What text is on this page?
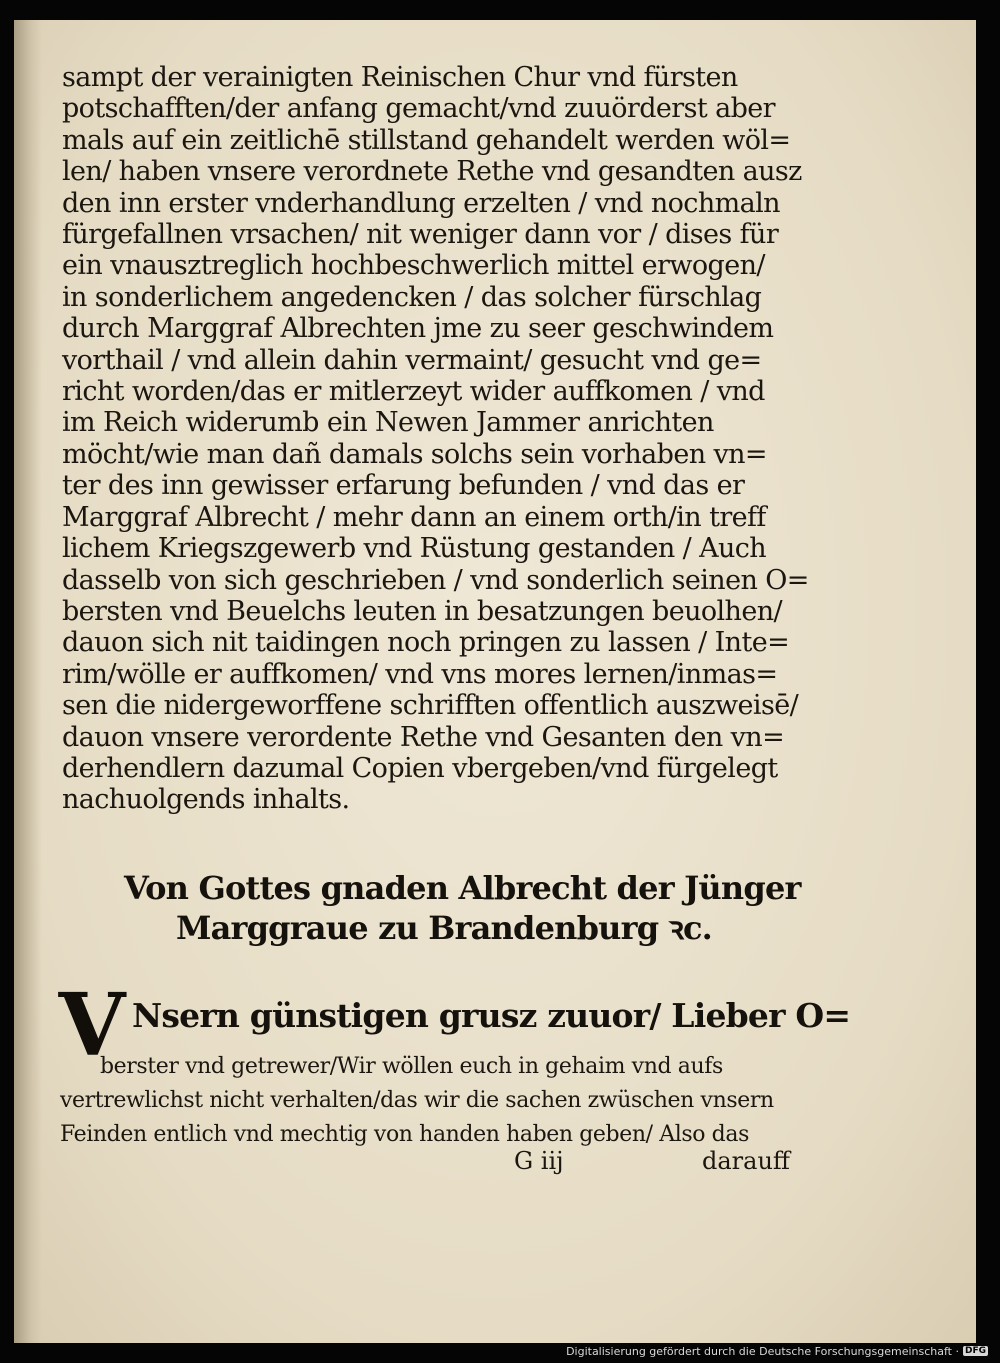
sampt der verainigten Reinischen Chur vnd fürsten
potschafften/der anfang gemacht/vnd zuuörderst aber
mals auf ein zeitlichē stillstand gehandelt werden wöl=
len/ haben vnsere verordnete Rethe vnd gesandten ausz
den inn erster vnderhandlung erzelten / vnd nochmaln
fürgefallnen vrsachen/ nit weniger dann vor / dises für
ein vnausztreglich hochbeschwerlich mittel erwogen/
in sonderlichem angedencken / das solcher fürschlag
durch Marggraf Albrechten jme zu seer geschwindem
vorthail / vnd allein dahin vermaint/ gesucht vnd ge=
richt worden/das er mitlerzeyt wider auffkomen / vnd
im Reich widerumb ein Newen Jammer anrichten
möcht/wie man dañ damals solchs sein vorhaben vn=
ter des inn gewisser erfarung befunden / vnd das er
Marggraf Albrecht / mehr dann an einem orth/in treff
lichem Kriegszgewerb vnd Rüstung gestanden / Auch
dasselb von sich geschrieben / vnd sonderlich seinen O=
bersten vnd Beuelchs leuten in besatzungen beuolhen/
dauon sich nit taidingen noch pringen zu lassen / Inte=
rim/wölle er auffkomen/ vnd vns mores lernen/inmas=
sen die nidergeworffene schrifften offentlich auszweisē/
dauon vnsere verordente Rethe vnd Gesanten den vn=
derhendlern dazumal Copien vbergeben/vnd fürgelegt
nachuolgends inhalts.
Von Gottes gnaden Albrecht der Jünger
Marggraue zu Brandenburg ꝛc.
V Nsern günstigen grusz zuuor/ Lieber O=
berster vnd getrewer/Wir wöllen euch in gehaim vnd aufs
vertrewlichst nicht verhalten/das wir die sachen zwüschen vnsern
Feinden entlich vnd mechtig von handen haben geben/ Also das
G iij	darauff
Digitalisierung gefördert durch die Deutsche Forschungsgemeinschaft · DFG
